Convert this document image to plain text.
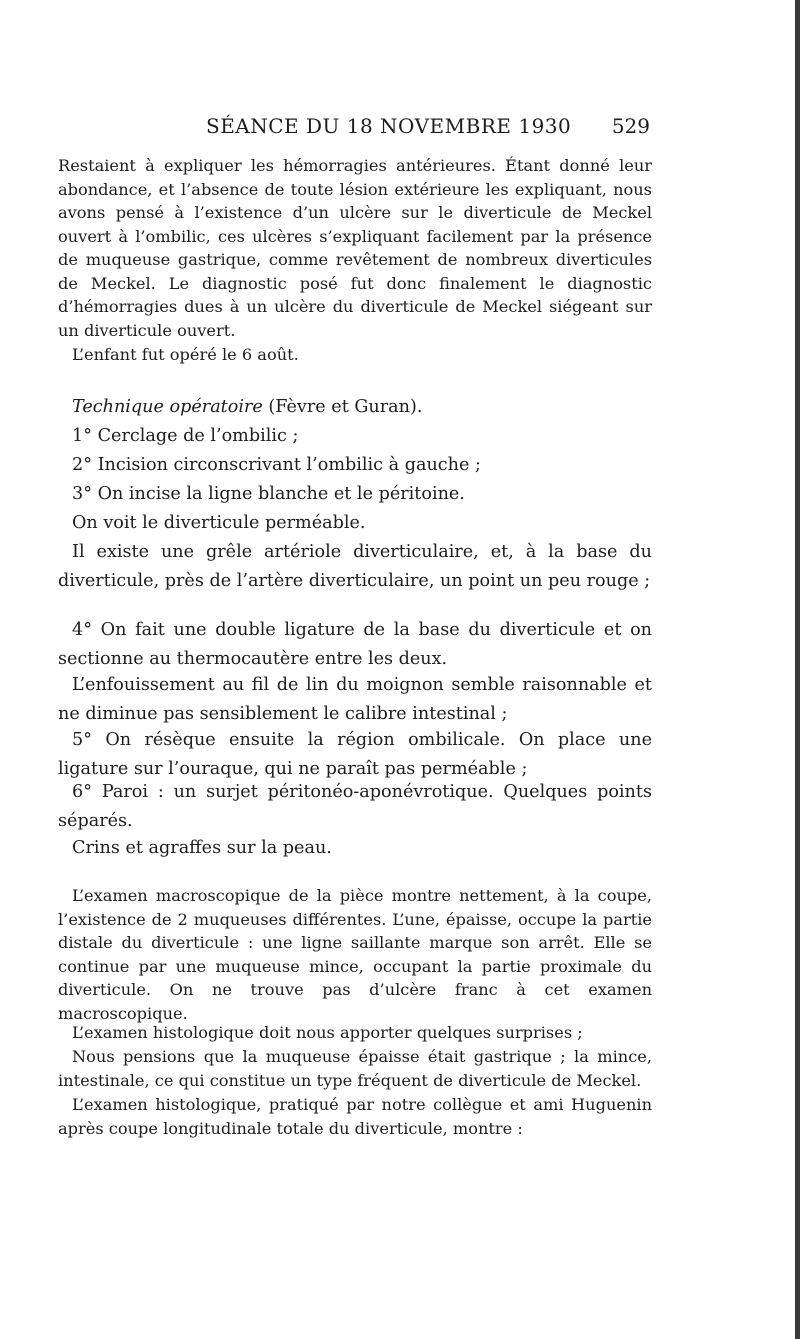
SÉANCE DU 18 NOVEMBRE 1930 529

Restaient à expliquer les hémorragies antérieures. Étant donné leur abondance, et l’absence de toute lésion extérieure les expliquant, nous avons pensé à l’existence d’un ulcère sur le diverticule de Meckel ouvert à l’ombilic, ces ulcères s’expliquant facilement par la présence de muqueuse gastrique, comme revêtement de nombreux diverticules de Meckel. Le diagnostic posé fut donc finalement le diagnostic d’hémorragies dues à un ulcère du diverticule de Meckel siégeant sur un diverticule ouvert.

L’enfant fut opéré le 6 août.

Technique opératoire (Fèvre et Guran).

1° Cerclage de l’ombilic ;

2° Incision circonscrivant l’ombilic à gauche ;

3° On incise la ligne blanche et le péritoine.

On voit le diverticule perméable.

Il existe une grêle artériole diverticulaire, et, à la base du diverticule, près de l’artère diverticulaire, un point un peu rouge ;

4° On fait une double ligature de la base du diverticule et on sectionne au thermocautère entre les deux.

L’enfouissement au fil de lin du moignon semble raisonnable et ne diminue pas sensiblement le calibre intestinal ;

5° On résèque ensuite la région ombilicale. On place une ligature sur l’ouraque, qui ne paraît pas perméable ;

6° Paroi : un surjet péritonéo-aponévrotique. Quelques points séparés.

Crins et agraffes sur la peau.

L’examen macroscopique de la pièce montre nettement, à la coupe, l’existence de 2 muqueuses différentes. L’une, épaisse, occupe la partie distale du diverticule : une ligne saillante marque son arrêt. Elle se continue par une muqueuse mince, occupant la partie proximale du diverticule. On ne trouve pas d’ulcère franc à cet examen macroscopique.

L’examen histologique doit nous apporter quelques surprises ;

Nous pensions que la muqueuse épaisse était gastrique ; la mince, intestinale, ce qui constitue un type fréquent de diverticule de Meckel.

L’examen histologique, pratiqué par notre collègue et ami Huguenin après coupe longitudinale totale du diverticule, montre :
